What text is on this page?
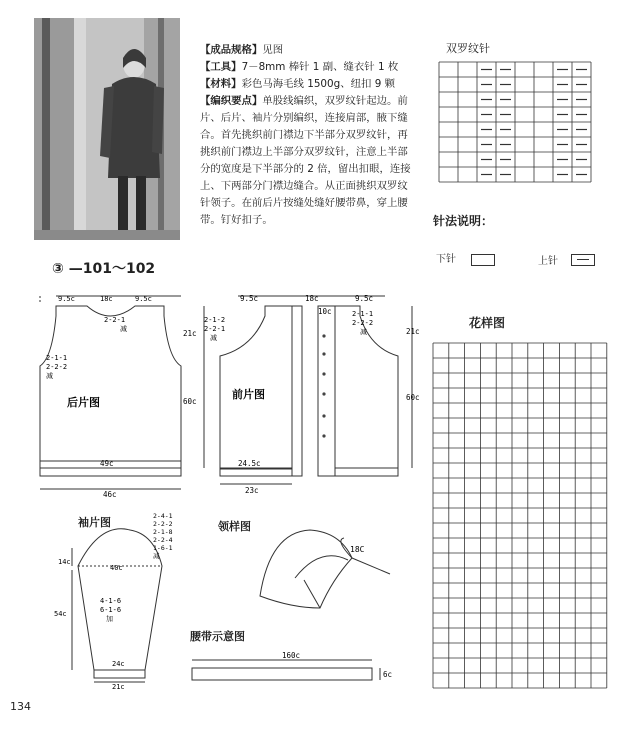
【成品规格】见图

【工具】7－8mm 棒针 1 副、缝衣针 1 枚

【材料】彩色马海毛线 1500g、纽扣 9 颗

【编织要点】单股线编织，双罗纹针起边。前片、后片、袖片分别编织，连接肩部，腋下缝合。首先挑织前门襟边下半部分双罗纹针，再挑织前门襟边上半部分双罗纹针，注意上半部分的宽度是下半部分的 2 倍，留出扣眼，连接上、下两部分门襟边缝合。从正面挑织双罗纹针领子。在前后片按缝处缝好腰带鼻，穿上腰带。钉好扣子。

双罗纹针
针法说明：
下针	上针
花样图
③ —101～102
9.5c	18c	9.5c
2-2-1
减
2-1-1
2-2-2
减
后片图
21c
60c
49c
46c
9.5c	18c	9.5c
10c
2-1-2
2-2-1
减
2-1-1
2-2-2
减
前片图
21c
60c
24.5c
23c
袖片图	2-4-1
2-2-2
2-1-8
2-2-4
1-6-1
减
14c
40c
4-1-6
6-1-6
加
54c
24c
21c
领样图
18C
腰带示意图
160c
6c
134
